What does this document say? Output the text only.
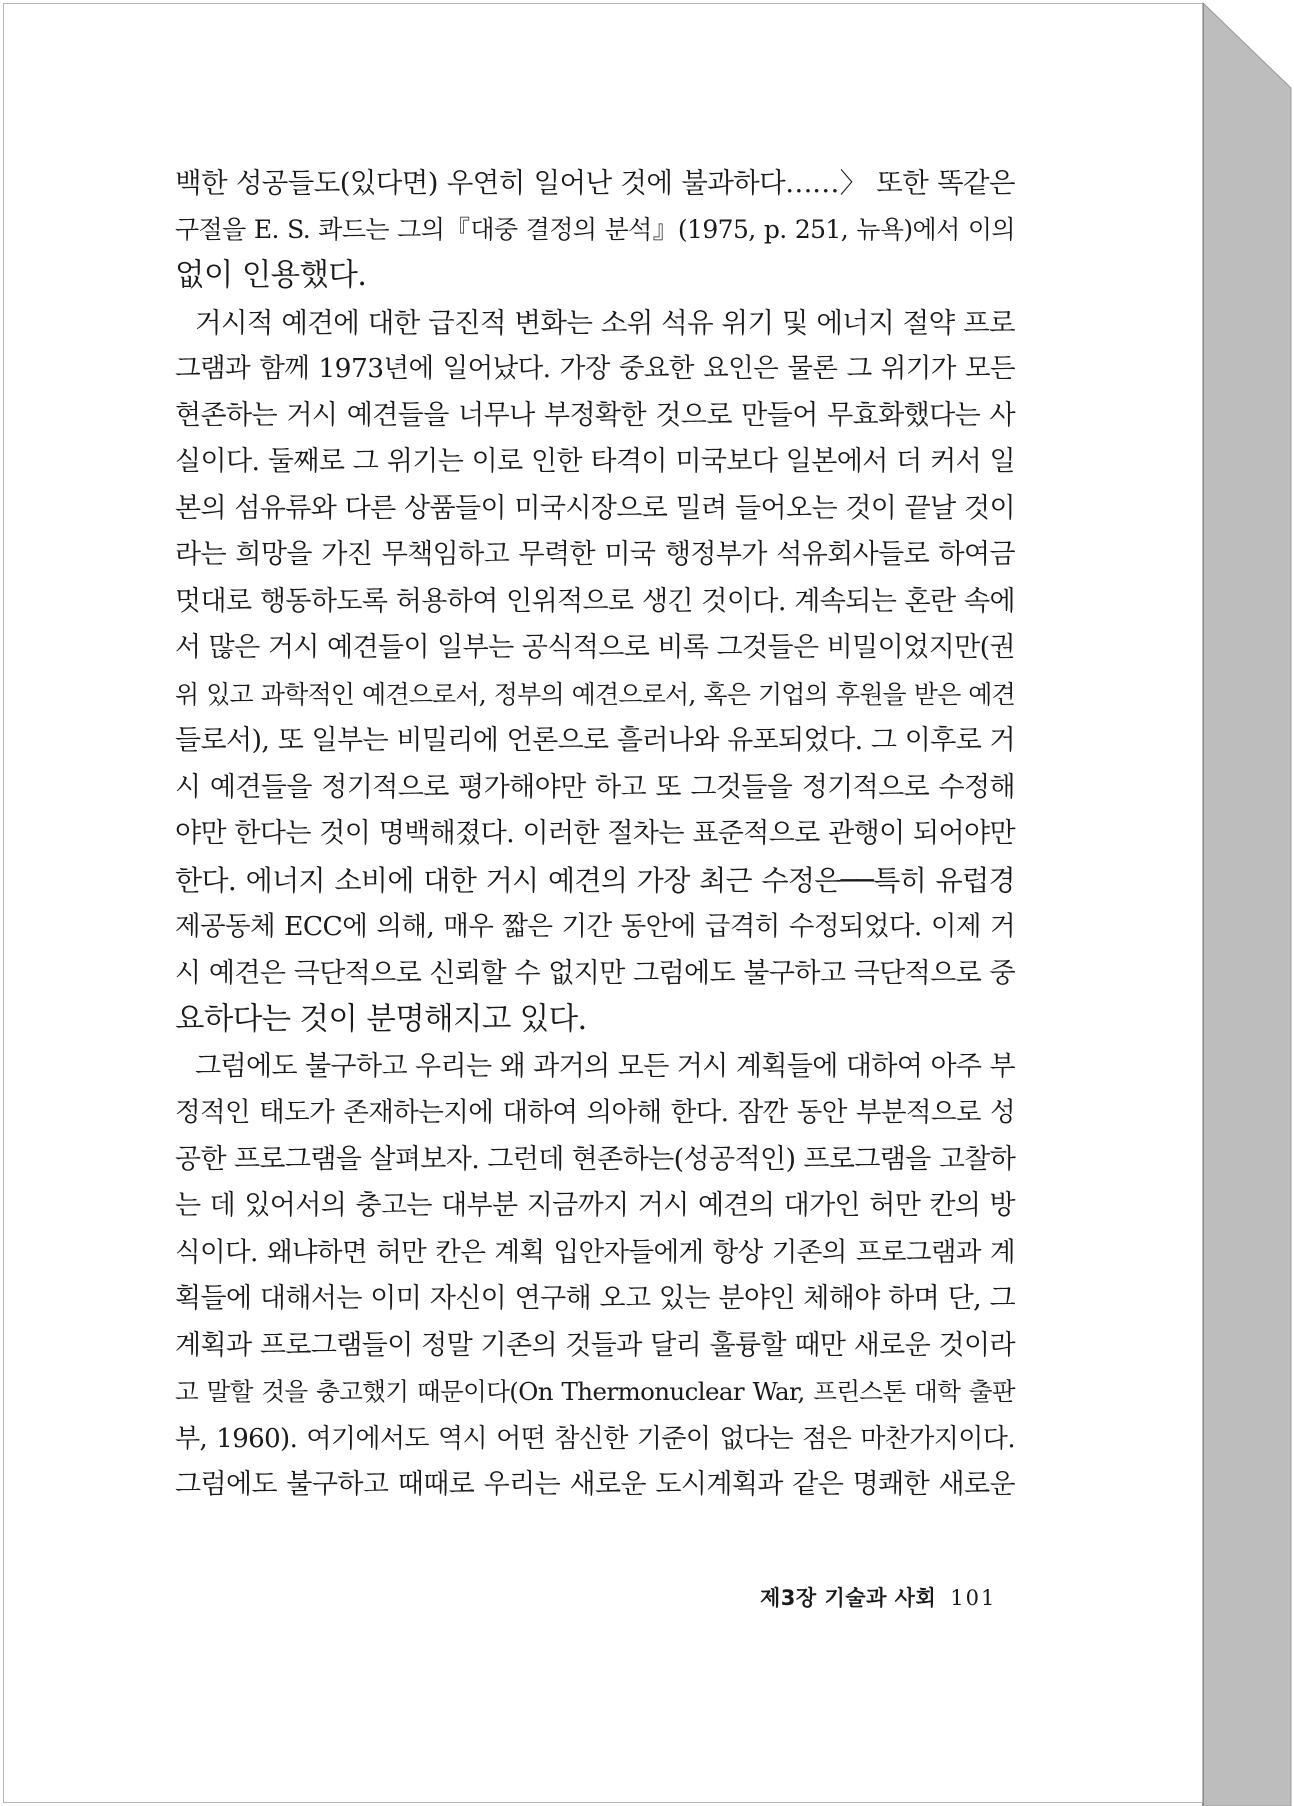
백한 성공들도(있다면) 우연히 일어난 것에 불과하다……〉 또한 똑같은
구절을 E. S. 콰드는 그의『대중 결정의 분석』(1975, p. 251, 뉴욕)에서 이의
없이 인용했다.
거시적 예견에 대한 급진적 변화는 소위 석유 위기 및 에너지 절약 프로
그램과 함께 1973년에 일어났다. 가장 중요한 요인은 물론 그 위기가 모든
현존하는 거시 예견들을 너무나 부정확한 것으로 만들어 무효화했다는 사
실이다. 둘째로 그 위기는 이로 인한 타격이 미국보다 일본에서 더 커서 일
본의 섬유류와 다른 상품들이 미국시장으로 밀려 들어오는 것이 끝날 것이
라는 희망을 가진 무책임하고 무력한 미국 행정부가 석유회사들로 하여금
멋대로 행동하도록 허용하여 인위적으로 생긴 것이다. 계속되는 혼란 속에
서 많은 거시 예견들이 일부는 공식적으로 비록 그것들은 비밀이었지만(권
위 있고 과학적인 예견으로서, 정부의 예견으로서, 혹은 기업의 후원을 받은 예견
들로서), 또 일부는 비밀리에 언론으로 흘러나와 유포되었다. 그 이후로 거
시 예견들을 정기적으로 평가해야만 하고 또 그것들을 정기적으로 수정해
야만 한다는 것이 명백해졌다. 이러한 절차는 표준적으로 관행이 되어야만
한다. 에너지 소비에 대한 거시 예견의 가장 최근 수정은──특히 유럽경
제공동체 ECC에 의해, 매우 짧은 기간 동안에 급격히 수정되었다. 이제 거
시 예견은 극단적으로 신뢰할 수 없지만 그럼에도 불구하고 극단적으로 중
요하다는 것이 분명해지고 있다.
그럼에도 불구하고 우리는 왜 과거의 모든 거시 계획들에 대하여 아주 부
정적인 태도가 존재하는지에 대하여 의아해 한다. 잠깐 동안 부분적으로 성
공한 프로그램을 살펴보자. 그런데 현존하는(성공적인) 프로그램을 고찰하
는 데 있어서의 충고는 대부분 지금까지 거시 예견의 대가인 허만 칸의 방
식이다. 왜냐하면 허만 칸은 계획 입안자들에게 항상 기존의 프로그램과 계
획들에 대해서는 이미 자신이 연구해 오고 있는 분야인 체해야 하며 단, 그
계획과 프로그램들이 정말 기존의 것들과 달리 훌륭할 때만 새로운 것이라
고 말할 것을 충고했기 때문이다(On Thermonuclear War, 프린스톤 대학 출판
부, 1960). 여기에서도 역시 어떤 참신한 기준이 없다는 점은 마찬가지이다.
그럼에도 불구하고 때때로 우리는 새로운 도시계획과 같은 명쾌한 새로운
제3장 기술과 사회 101
